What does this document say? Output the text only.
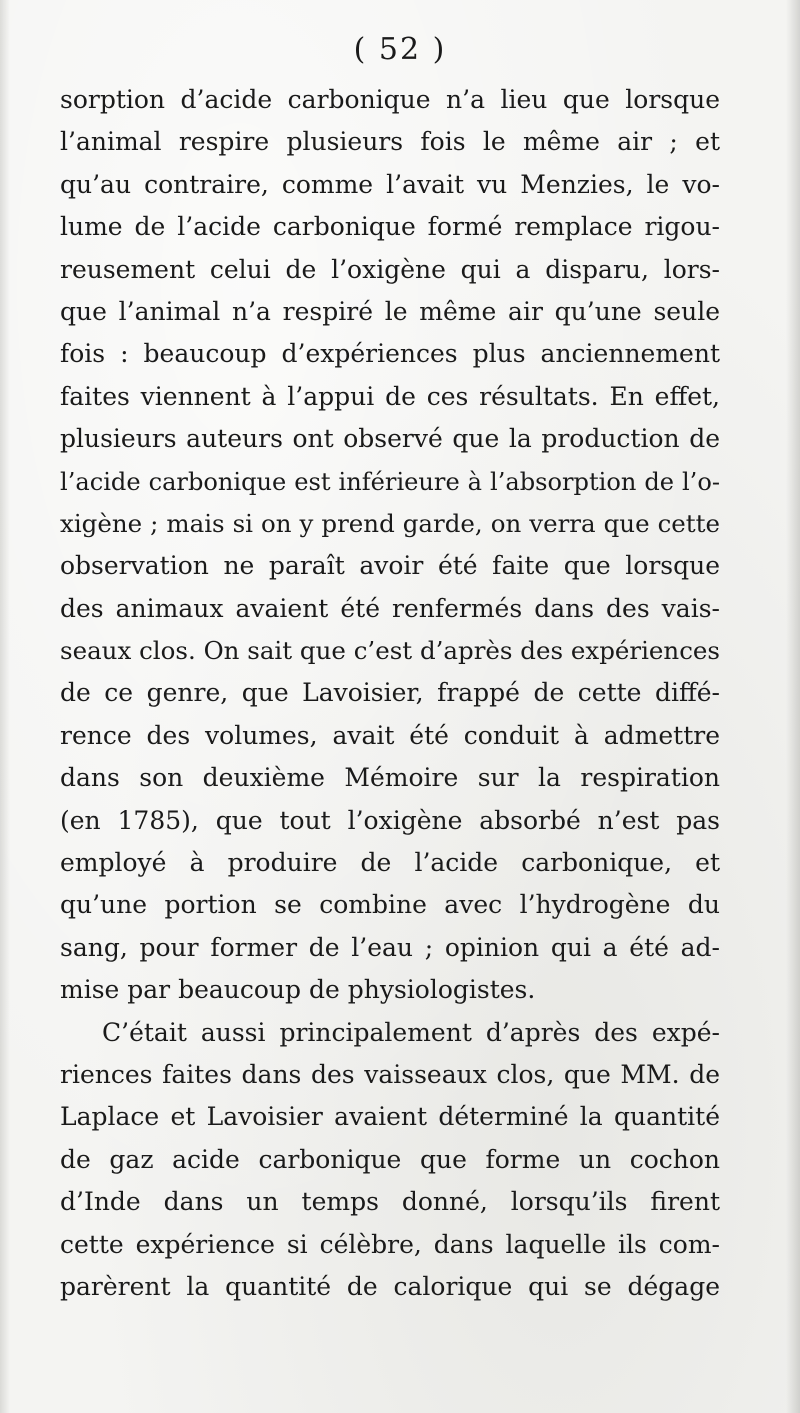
( 52 )
sorption d’acide carbonique n’a lieu que lorsque
l’animal respire plusieurs fois le même air ; et
qu’au contraire, comme l’avait vu Menzies, le vo-
lume de l’acide carbonique formé remplace rigou-
reusement celui de l’oxigène qui a disparu, lors-
que l’animal n’a respiré le même air qu’une seule
fois : beaucoup d’expériences plus anciennement
faites viennent à l’appui de ces résultats. En effet,
plusieurs auteurs ont observé que la production de
l’acide carbonique est inférieure à l’absorption de l’o-
xigène ; mais si on y prend garde, on verra que cette
observation ne paraît avoir été faite que lorsque
des animaux avaient été renfermés dans des vais-
seaux clos. On sait que c’est d’après des expériences
de ce genre, que Lavoisier, frappé de cette diffé-
rence des volumes, avait été conduit à admettre
dans son deuxième Mémoire sur la respiration
(en 1785), que tout l’oxigène absorbé n’est pas
employé à produire de l’acide carbonique, et
qu’une portion se combine avec l’hydrogène du
sang, pour former de l’eau ; opinion qui a été ad-
mise par beaucoup de physiologistes.
C’était aussi principalement d’après des expé-
riences faites dans des vaisseaux clos, que MM. de
Laplace et Lavoisier avaient déterminé la quantité
de gaz acide carbonique que forme un cochon
d’Inde dans un temps donné, lorsqu’ils firent
cette expérience si célèbre, dans laquelle ils com-
parèrent la quantité de calorique qui se dégage
